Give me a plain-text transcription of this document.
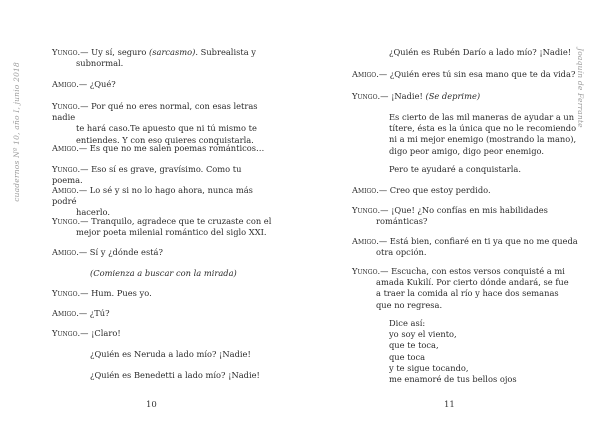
cuadernos Nº 10, año I, junio 2018	Joaquín de Ferrante
Yungo.— Uy sí, seguro (sarcasmo). Subrealista y
subnormal.
Amigo.— ¿Qué?
Yungo.— Por qué no eres normal, con esas letras nadie
te hará caso.Te apuesto que ni tú mismo te
entiendes. Y con eso quieres conquistarla.
Amigo.— Es que no me salen poemas románticos…
Yungo.— Eso sí es grave, gravísimo. Como tu poema.
Amigo.— Lo sé y si no lo hago ahora, nunca más podré
hacerlo.
Yungo.— Tranquilo, agradece que te cruzaste con el
mejor poeta milenial romántico del siglo XXI.
Amigo.— Sí y ¿dónde está?
(Comienza a buscar con la mirada)
Yungo.— Hum. Pues yo.
Amigo.— ¿Tú?
Yungo.— ¡Claro!
¿Quién es Neruda a lado mío? ¡Nadie!
¿Quién es Benedetti a lado mío? ¡Nadie!
10
¿Quién es Rubén Darío a lado mío? ¡Nadie!
Amigo.— ¿Quién eres tú sin esa mano que te da vida?
Yungo.— ¡Nadie! (Se deprime)
Es cierto de las mil maneras de ayudar a un
títere, ésta es la única que no le recomiendo
ni a mi mejor enemigo (mostrando la mano),
digo peor amigo, digo peor enemigo.
Pero te ayudaré a conquistarla.
Amigo.— Creo que estoy perdido.
Yungo.— ¡Que! ¿No confías en mis habilidades
románticas?
Amigo.— Está bien, confiaré en ti ya que no me queda
otra opción.
Yungo.— Escucha, con estos versos conquisté a mi
amada Kukilí. Por cierto dónde andará, se fue
a traer la comida al río y hace dos semanas
que no regresa.
Dice así:
yo soy el viento,
que te toca,
que toca
y te sigue tocando,
me enamoré de tus bellos ojos
11
